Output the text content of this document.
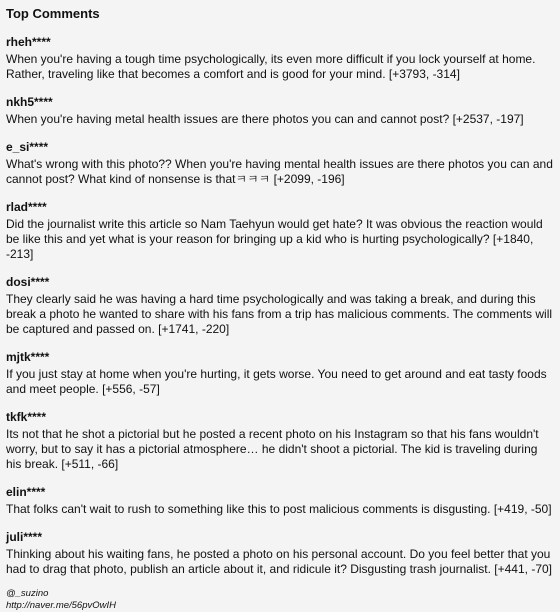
Top Comments
rheh****

When you're having a tough time psychologically, its even more difficult if you lock yourself at home. Rather, traveling like that becomes a comfort and is good for your mind. [+3793, -314]

nkh5****

When you're having metal health issues are there photos you can and cannot post? [+2537, -197]

e_si****

What's wrong with this photo?? When you're having mental health issues are there photos you can and cannot post? What kind of nonsense is thatㅋㅋㅋ [+2099, -196]

rlad****

Did the journalist write this article so Nam Taehyun would get hate? It was obvious the reaction would be like this and yet what is your reason for bringing up a kid who is hurting psychologically? [+1840, -213]

dosi****

They clearly said he was having a hard time psychologically and was taking a break, and during this break a photo he wanted to share with his fans from a trip has malicious comments. The comments will be captured and passed on. [+1741, -220]

mjtk****

If you just stay at home when you're hurting, it gets worse. You need to get around and eat tasty foods and meet people. [+556, -57]

tkfk****

Its not that he shot a pictorial but he posted a recent photo on his Instagram so that his fans wouldn't worry, but to say it has a pictorial atmosphere… he didn't shoot a pictorial. The kid is traveling during his break. [+511, -66]

elin****

That folks can't wait to rush to something like this to post malicious comments is disgusting. [+419, -50]

juli****

Thinking about his waiting fans, he posted a photo on his personal account. Do you feel better that you had to drag that photo, publish an article about it, and ridicule it? Disgusting trash journalist. [+441, -70]

@_suzino
http://naver.me/56pvOwIH
